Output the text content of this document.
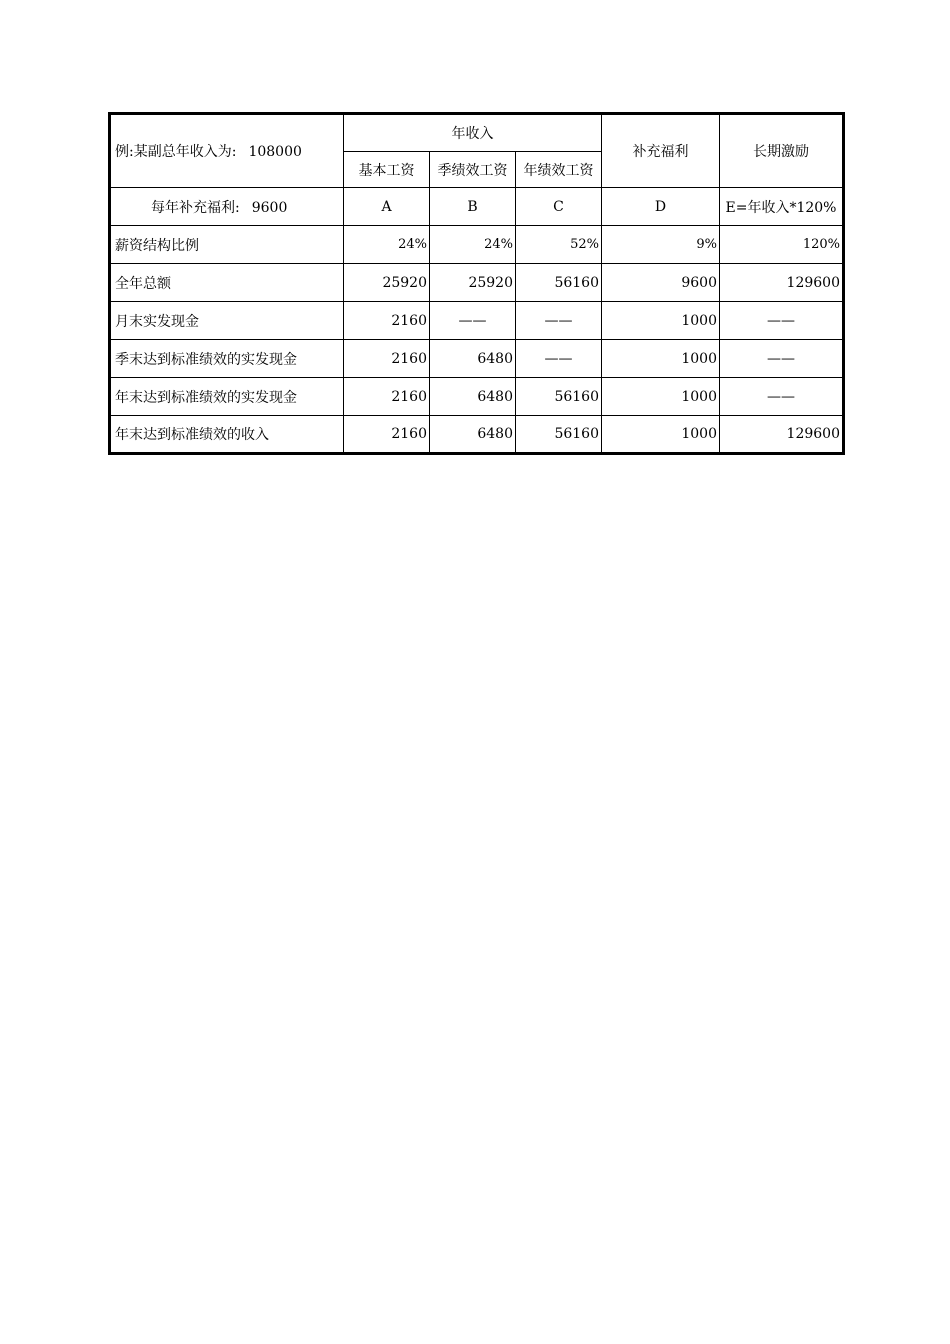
例:某副总年收入为: 108000	年收入			补充福利	长期激励
	基本工资	季绩效工资	年绩效工资		
每年补充福利: 9600	A	B	C	D	E=年收入*120%
薪资结构比例	24%	24%	52%	9%	120%
全年总额	25920	25920	56160	9600	129600
月末实发现金	2160	——	——	1000	——
季末达到标准绩效的实发现金	2160	6480	——	1000	——
年末达到标准绩效的实发现金	2160	6480	56160	1000	——
年末达到标准绩效的收入	2160	6480	56160	1000	129600
